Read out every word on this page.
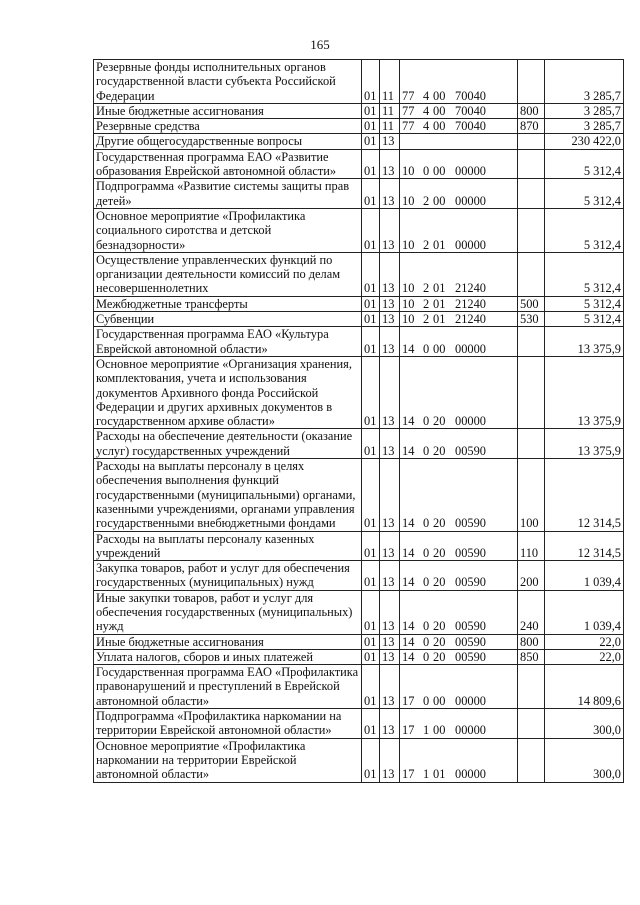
165
Резервные фонды исполнительных органов государственной власти субъекта Российской Федерации	01	11	77 4 00 70040		3 285,7
Иные бюджетные ассигнования	01	11	77 4 00 70040	800	3 285,7
Резервные средства	01	11	77 4 00 70040	870	3 285,7
Другие общегосударственные вопросы	01	13			230 422,0
Государственная программа ЕАО «Развитие образования Еврейской автономной области»	01	13	10 0 00 00000		5 312,4
Подпрограмма «Развитие системы защиты прав детей»	01	13	10 2 00 00000		5 312,4
Основное мероприятие «Профилактика социального сиротства и детской безнадзорности»	01	13	10 2 01 00000		5 312,4
Осуществление управленческих функций по организации деятельности комиссий по делам несовершеннолетних	01	13	10 2 01 21240		5 312,4
Межбюджетные трансферты	01	13	10 2 01 21240	500	5 312,4
Субвенции	01	13	10 2 01 21240	530	5 312,4
Государственная программа ЕАО «Культура Еврейской автономной области»	01	13	14 0 00 00000		13 375,9
Основное мероприятие «Организация хранения, комплектования, учета и использования документов Архивного фонда Российской Федерации и других архивных документов в государственном архиве области»	01	13	14 0 20 00000		13 375,9
Расходы на обеспечение деятельности (оказание услуг) государственных учреждений	01	13	14 0 20 00590		13 375,9
Расходы на выплаты персоналу в целях обеспечения выполнения функций государственными (муниципальными) органами, казенными учреждениями, органами управления государственными внебюджетными фондами	01	13	14 0 20 00590	100	12 314,5
Расходы на выплаты персоналу казенных учреждений	01	13	14 0 20 00590	110	12 314,5
Закупка товаров, работ и услуг для обеспечения государственных (муниципальных) нужд	01	13	14 0 20 00590	200	1 039,4
Иные закупки товаров, работ и услуг для обеспечения государственных (муниципальных) нужд	01	13	14 0 20 00590	240	1 039,4
Иные бюджетные ассигнования	01	13	14 0 20 00590	800	22,0
Уплата налогов, сборов и иных платежей	01	13	14 0 20 00590	850	22,0
Государственная программа ЕАО «Профилактика правонарушений и преступлений в Еврейской автономной области»	01	13	17 0 00 00000		14 809,6
Подпрограмма «Профилактика наркомании на территории Еврейской автономной области»	01	13	17 1 00 00000		300,0
Основное мероприятие «Профилактика наркомании на территории Еврейской автономной области»	01	13	17 1 01 00000		300,0
